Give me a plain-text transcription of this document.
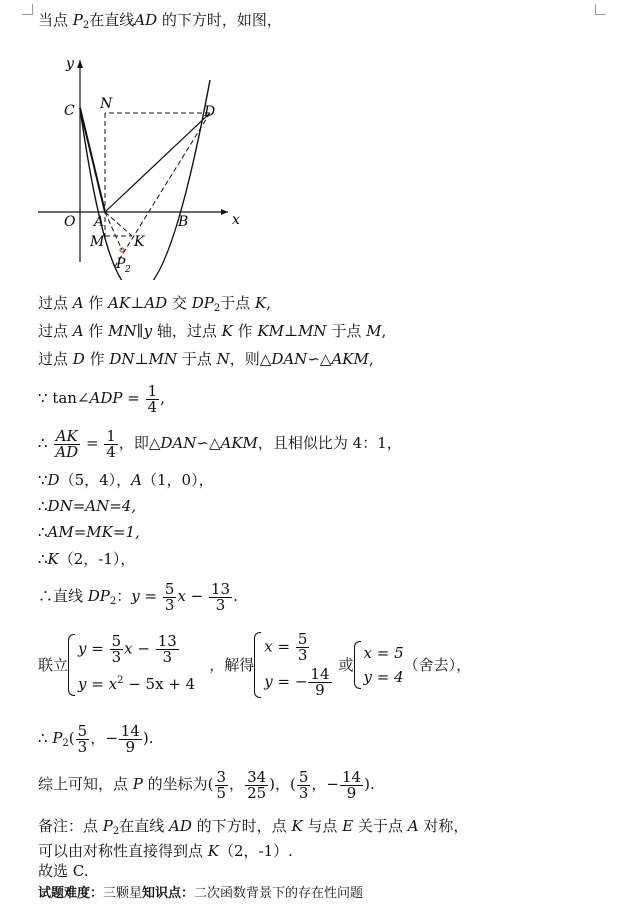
当点 $P_2$在直线AD 的下方时，如图，
y
x
C N	D
O A	B
M K
P 2
过点 A 作 AK⊥AD 交 $DP_2$于点 K,
过点 A 作 MN∥y 轴，过点 K 作 KM⊥MN 于点 M,
过点 D 作 DN⊥MN 于点 N，则△DAN∽△AKM,
∵ tan∠ADP = $\frac{1}{4}$ ,
∴ $\frac{AK}{AD} = \frac{1}{4}$ ，即△DAN∽△AKM，且相似比为 4：1，
∵D（5，4），A（1，0），
∴DN=AN=4,
∴AM=MK=1,
∴K（2，-1），
∴直线 $DP_2$：$y = \frac{5}{3}$ $x - \frac{13}{3}$ .
联立
$y = \frac{5}{3}$ $x - \frac{13}{3}$
$y = x^2 - 5x + 4$
，解得
$x = \frac{5}{3}$
y = − $\frac{14}{9}$
或
x = 5
y = 4
（舍去），
∴ $P_2( \frac{5}{3}$ ，− $\frac{14}{9}$ ).
综上可知，点 P 的坐标为( $\frac{3}{5}$ ， $\frac{34}{25}$ )，( $\frac{5}{3}$ ，− $\frac{14}{9}$ ).
备注：点 $P_2$在直线 AD 的下方时，点 K 与点 E 关于点 A 对称，
可以由对称性直接得到点 K（2，-1）.
故选 C.
试题难度：三颗星知识点：二次函数背景下的存在性问题
